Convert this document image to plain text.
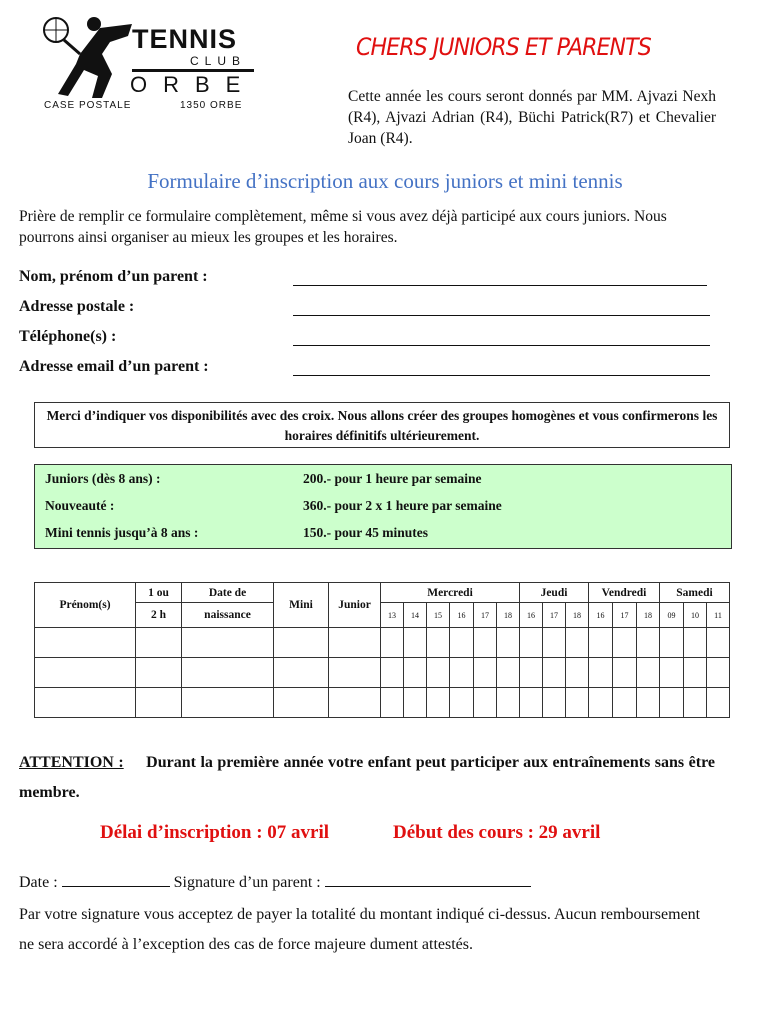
TENNIS
CLUB
ORBE
CASE POSTALE	1350 ORBE
CHERS JUNIORS ET PARENTS
Cette année les cours seront donnés par MM. Ajvazi Nexh (R4), Ajvazi Adrian (R4), Büchi Patrick(R7) et Chevalier Joan (R4).
Formulaire d’inscription aux cours juniors et mini tennis
Prière de remplir ce formulaire complètement, même si vous avez déjà participé aux cours juniors. Nous pourrons ainsi organiser au mieux les groupes et les horaires.
Nom, prénom d’un parent :
Adresse postale :
Téléphone(s) :
Adresse email d’un parent :
Merci d’indiquer vos disponibilités avec des croix. Nous allons créer des groupes homogènes et vous confirmerons les horaires définitifs ultérieurement.
Juniors (dès 8 ans) :	200.- pour 1 heure par semaine
Nouveauté :	360.- pour 2 x 1 heure par semaine
Mini tennis jusqu’à 8 ans :	150.- pour 45 minutes
Prénom(s)	1 ou	Date de	Mini	Junior	Mercredi						Jeudi			Vendredi			Samedi		
	2 h	naissance			13	14	15	16	17	18	16	17	18	16	17	18	09	10	11

ATTENTION : Durant la première année votre enfant peut participer aux entraînements sans être membre.
Délai d’inscription : 07 avril	Début des cours : 29 avril
Date :	Signature d’un parent :
Par votre signature vous acceptez de payer la totalité du montant indiqué ci-dessus. Aucun remboursement ne sera accordé à l’exception des cas de force majeure dument attestés.
